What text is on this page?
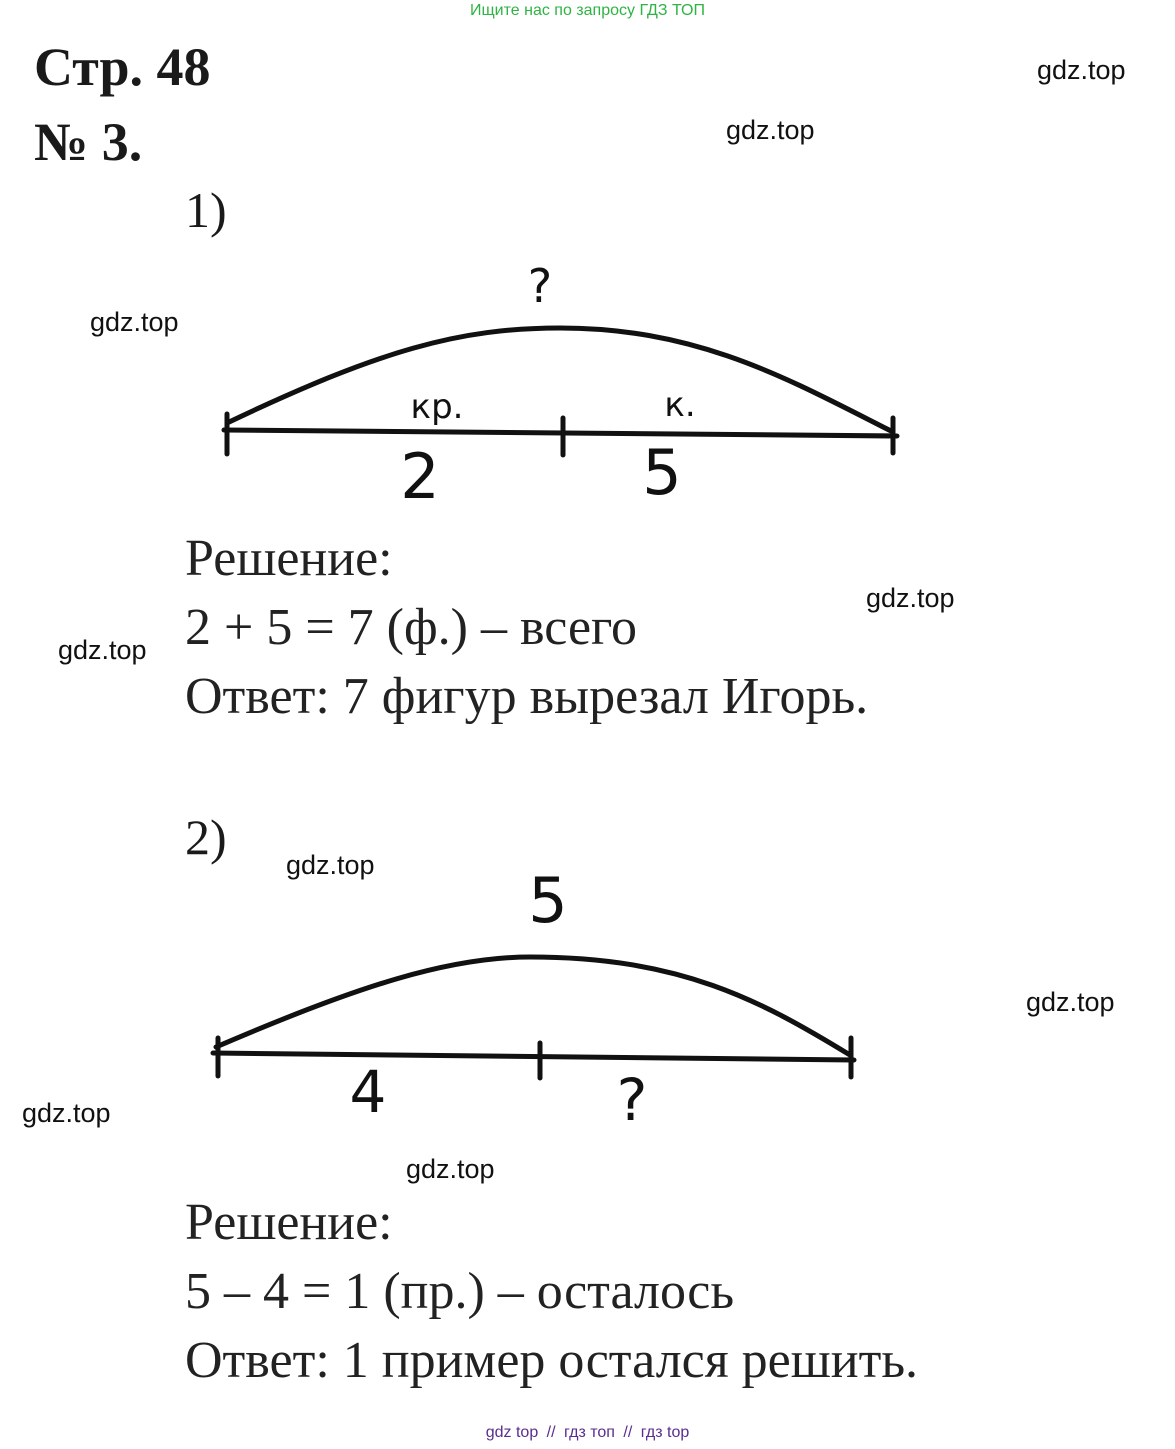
Ищите нас по запросу ГДЗ ТОП
Стр. 48
№ 3.
gdz.top
gdz.top
gdz.top
gdz.top
gdz.top
gdz.top
gdz.top
gdz.top
gdz.top
1)
?
кр.	к.
2	5
Решение:
2 + 5 = 7 (ф.) – всего
Ответ: 7 фигур вырезал Игорь.
2)
5
4	?
Решение:
5 – 4 = 1 (пр.) – осталось
Ответ: 1 пример остался решить.
gdz top // гдз топ // гдз top
